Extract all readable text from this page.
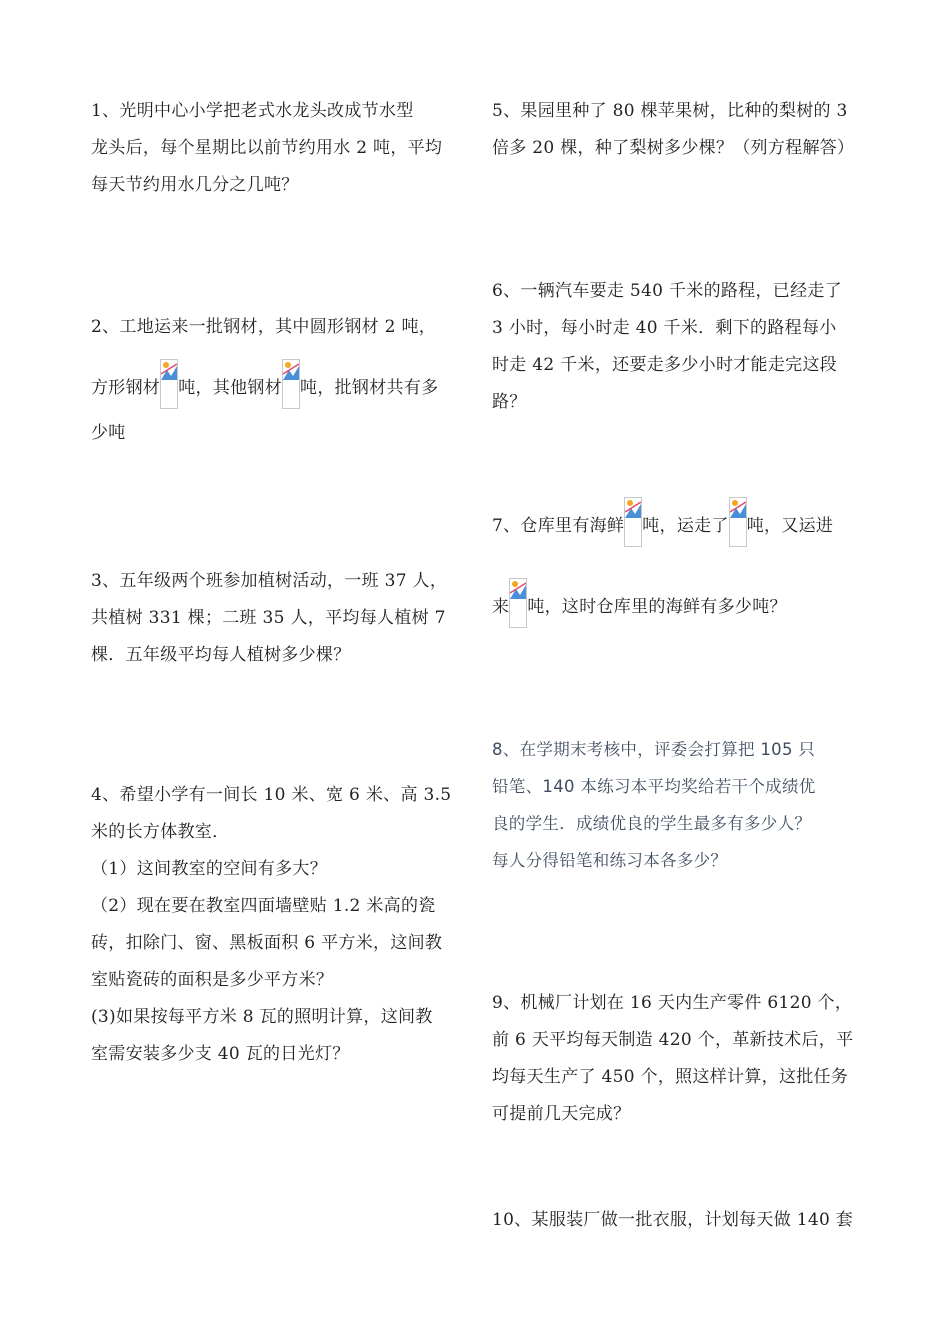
1、光明中心小学把老式水龙头改成节水型

龙头后，每个星期比以前节约用水 2 吨，平均

每天节约用水几分之几吨？

2、工地运来一批钢材，其中圆形钢材 2 吨，

方形钢材 吨，其他钢材 吨，批钢材共有多

少吨

3、五年级两个班参加植树活动，一班 37 人，

共植树 331 棵；二班 35 人，平均每人植树 7

棵．五年级平均每人植树多少棵？

4、希望小学有一间长 10 米、宽 6 米、高 3.5

米的长方体教室．

（1）这间教室的空间有多大？

（2）现在要在教室四面墙壁贴 1.2 米高的瓷

砖，扣除门、窗、黑板面积 6 平方米，这间教

室贴瓷砖的面积是多少平方米？

(3)如果按每平方米 8 瓦的照明计算，这间教

室需安装多少支 40 瓦的日光灯？

5、果园里种了 80 棵苹果树，比种的梨树的 3

倍多 20 棵，种了梨树多少棵？（列方程解答）

6、一辆汽车要走 540 千米的路程，已经走了

3 小时，每小时走 40 千米．剩下的路程每小

时走 42 千米，还要走多少小时才能走完这段

路？

7、仓库里有海鲜 吨，运走了 吨，又运进

来 吨，这时仓库里的海鲜有多少吨？

8、在学期末考核中，评委会打算把 105 只

铅笔、140 本练习本平均奖给若干个成绩优

良的学生．成绩优良的学生最多有多少人？

每人分得铅笔和练习本各多少？

9、机械厂计划在 16 天内生产零件 6120 个，

前 6 天平均每天制造 420 个，革新技术后，平

均每天生产了 450 个，照这样计算，这批任务

可提前几天完成？

10、某服装厂做一批衣服，计划每天做 140 套
